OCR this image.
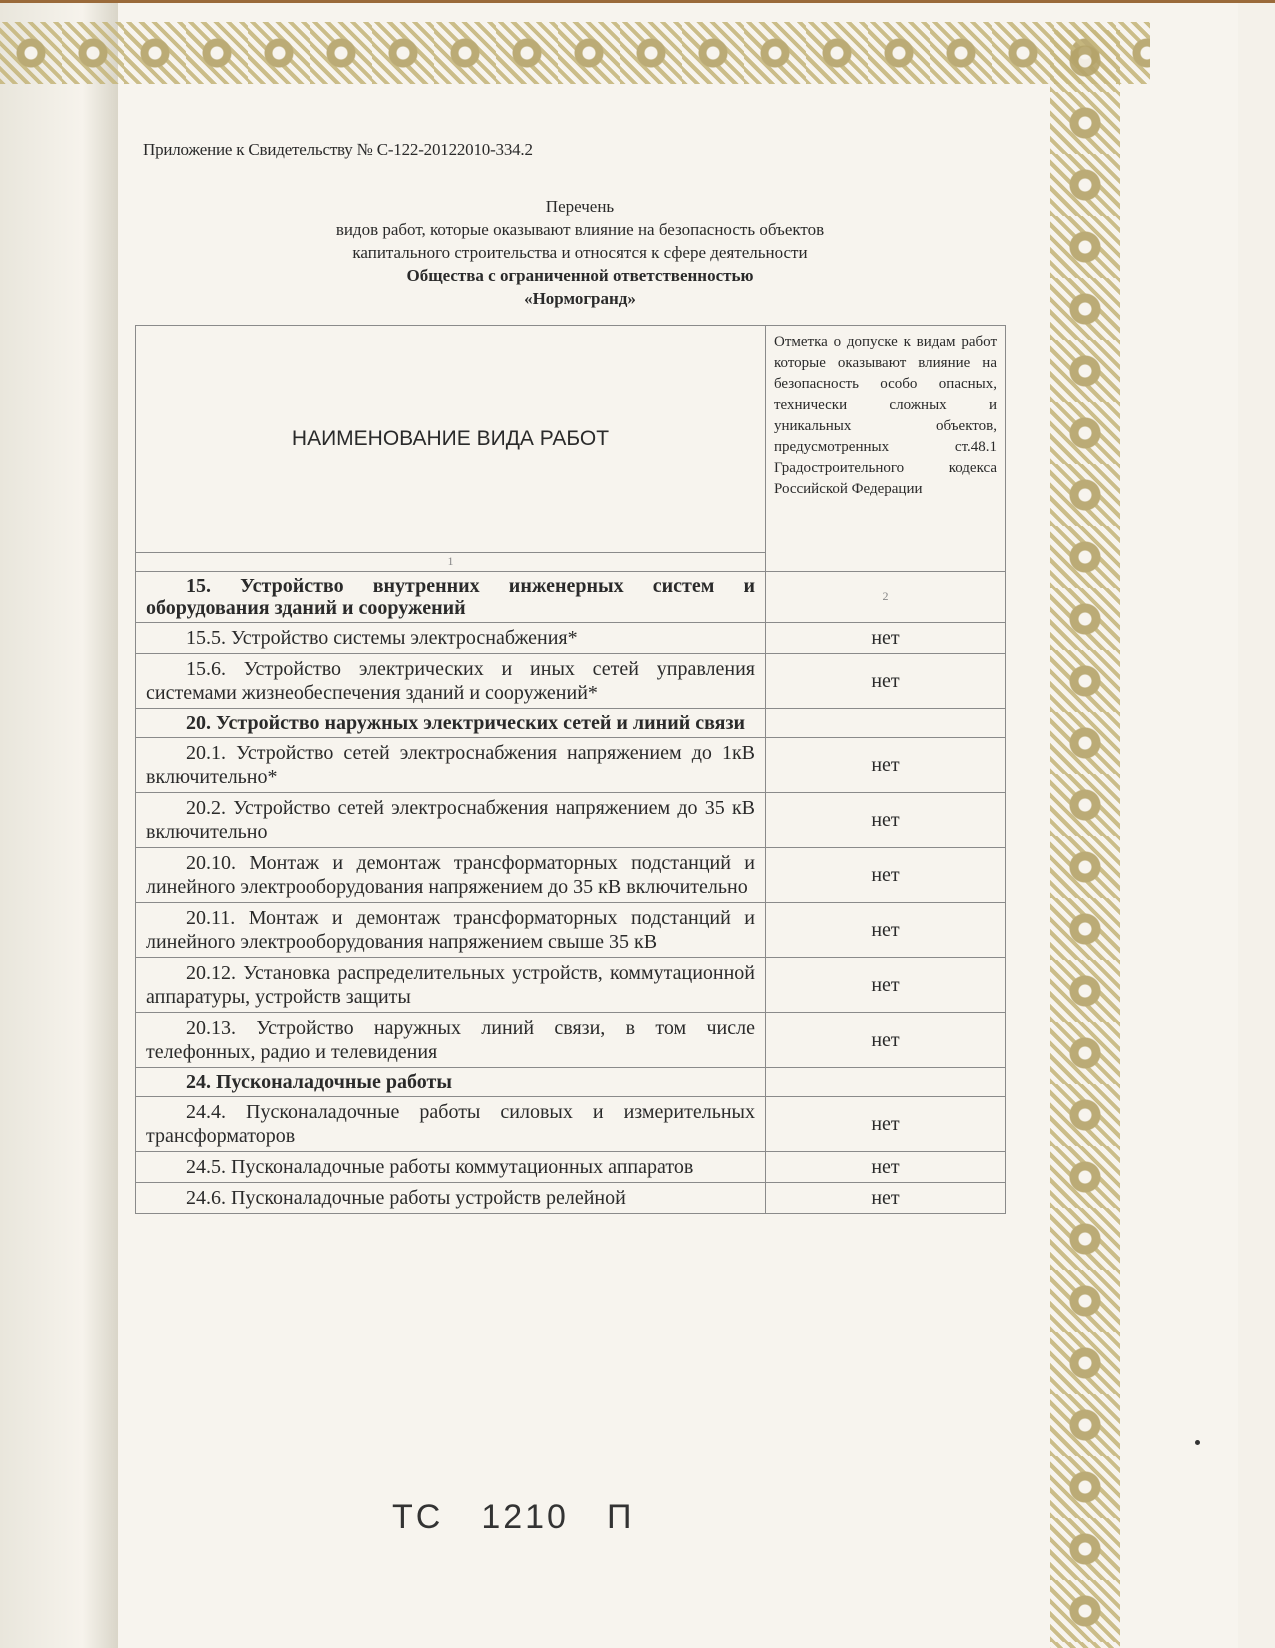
Приложение к Свидетельству № С-122-20122010-334.2
Перечень
видов работ, которые оказывают влияние на безопасность объектов
капитального строительства и относятся к сфере деятельности
Общества с ограниченной ответственностью
«Нормогранд»
НАИМЕНОВАНИЕ ВИДА РАБОТ	Отметка о допуске к видам работ которые оказывают влияние на безопасность особо опасных, технически сложных и уникальных объектов, предусмотренных ст.48.1 Градостроительного кодекса Российской Федерации
1	
15. Устройство внутренних инженерных систем и оборудования зданий и сооружений	2

15.5. Устройство системы электроснабжения*	нет
15.6. Устройство электрических и иных сетей управления системами жизнеобеспечения зданий и сооружений*	нет
20. Устройство наружных электрических сетей и линий связи	
20.1. Устройство сетей электроснабжения напряжением до 1кВ включительно*	нет
20.2. Устройство сетей электроснабжения напряжением до 35 кВ включительно	нет
20.10. Монтаж и демонтаж трансформаторных подстанций и линейного электрооборудования напряжением до 35 кВ включительно	нет
20.11. Монтаж и демонтаж трансформаторных подстанций и линейного электрооборудования напряжением свыше 35 кВ	нет
20.12. Установка распределительных устройств, коммутационной аппаратуры, устройств защиты	нет
20.13. Устройство наружных линий связи, в том числе телефонных, радио и телевидения	нет
24. Пусконаладочные работы	
24.4. Пусконаладочные работы силовых и измерительных трансформаторов	нет
24.5. Пусконаладочные работы коммутационных аппаратов	нет
24.6. Пусконаладочные работы устройств релейной	нет
ТС 1210 П
